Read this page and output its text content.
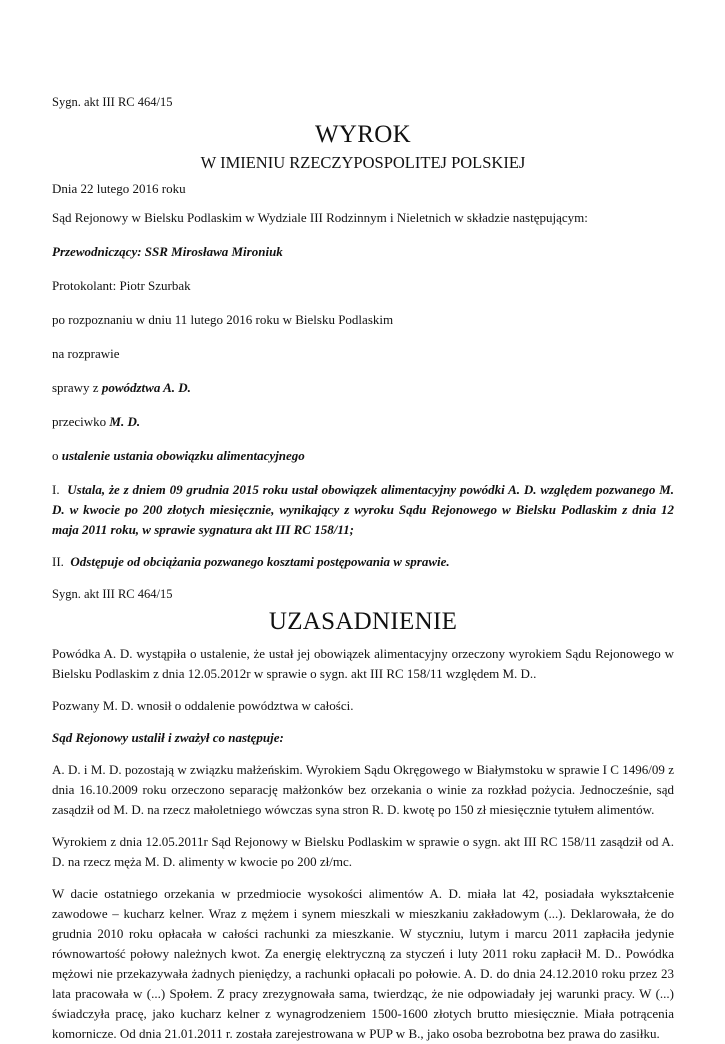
Sygn. akt III RC 464/15

WYROK

W IMIENIU RZECZYPOSPOLITEJ POLSKIEJ

Dnia 22 lutego 2016 roku

Sąd Rejonowy w Bielsku Podlaskim w Wydziale III Rodzinnym i Nieletnich w składzie następującym:

Przewodniczący: SSR Mirosława Mironiuk

Protokolant: Piotr Szurbak

po rozpoznaniu w dniu 11 lutego 2016 roku w Bielsku Podlaskim

na rozprawie

sprawy z powództwa A. D.

przeciwko M. D.

o ustalenie ustania obowiązku alimentacyjnego

I. Ustala, że z dniem 09 grudnia 2015 roku ustał obowiązek alimentacyjny powódki A. D. względem pozwanego M. D. w kwocie po 200 złotych miesięcznie, wynikający z wyroku Sądu Rejonowego w Bielsku Podlaskim z dnia 12 maja 2011 roku, w sprawie sygnatura akt III RC 158/11;

II. Odstępuje od obciążania pozwanego kosztami postępowania w sprawie.

Sygn. akt III RC 464/15

UZASADNIENIE

Powódka A. D. wystąpiła o ustalenie, że ustał jej obowiązek alimentacyjny orzeczony wyrokiem Sądu Rejonowego w Bielsku Podlaskim z dnia 12.05.2012r w sprawie o sygn. akt III RC 158/11 względem M. D..

Pozwany M. D. wnosił o oddalenie powództwa w całości.

Sąd Rejonowy ustalił i zważył co następuje:

A. D. i M. D. pozostają w związku małżeńskim. Wyrokiem Sądu Okręgowego w Białymstoku w sprawie I C 1496/09 z dnia 16.10.2009 roku orzeczono separację małżonków bez orzekania o winie za rozkład pożycia. Jednocześnie, sąd zasądził od M. D. na rzecz małoletniego wówczas syna stron R. D. kwotę po 150 zł miesięcznie tytułem alimentów.

Wyrokiem z dnia 12.05.2011r Sąd Rejonowy w Bielsku Podlaskim w sprawie o sygn. akt III RC 158/11 zasądził od A. D. na rzecz męża M. D. alimenty w kwocie po 200 zł/mc.

W dacie ostatniego orzekania w przedmiocie wysokości alimentów A. D. miała lat 42, posiadała wykształcenie zawodowe – kucharz kelner. Wraz z mężem i synem mieszkali w mieszkaniu zakładowym (...). Deklarowała, że do grudnia 2010 roku opłacała w całości rachunki za mieszkanie. W styczniu, lutym i marcu 2011 zapłaciła jedynie równowartość połowy należnych kwot. Za energię elektryczną za styczeń i luty 2011 roku zapłacił M. D.. Powódka mężowi nie przekazywała żadnych pieniędzy, a rachunki opłacali po połowie. A. D. do dnia 24.12.2010 roku przez 23 lata pracowała w (...) Społem. Z pracy zrezygnowała sama, twierdząc, że nie odpowiadały jej warunki pracy. W (...) świadczyła pracę, jako kucharz kelner z wynagrodzeniem 1500-1600 złotych brutto miesięcznie. Miała potrącenia komornicze. Od dnia 21.01.2011 r. została zarejestrowana w PUP w B., jako osoba bezrobotna bez prawa do zasiłku.
